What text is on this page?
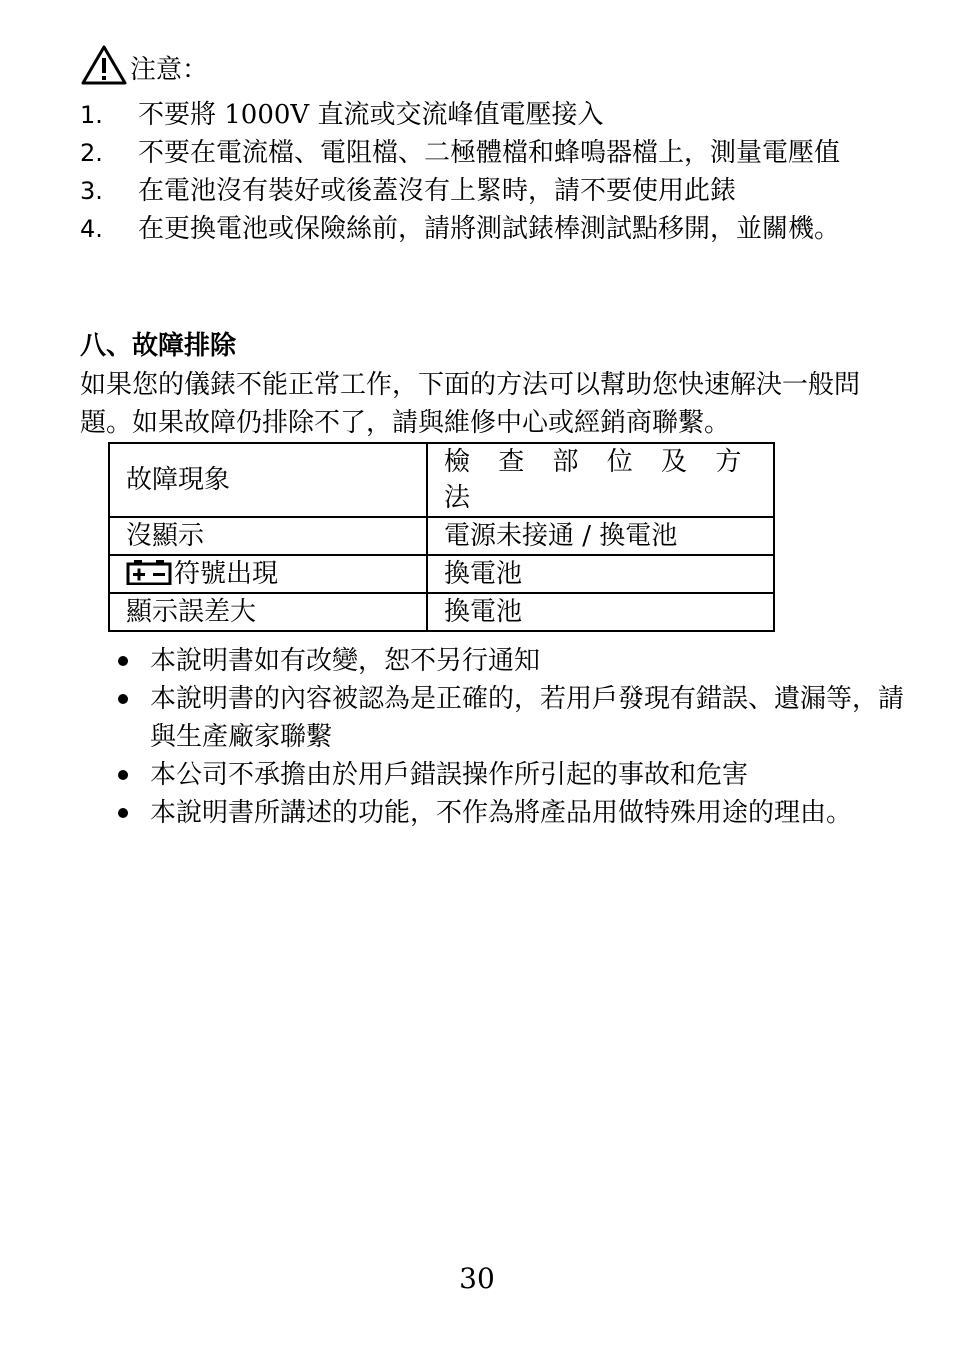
注意：
1. 不要將 1000V 直流或交流峰值電壓接入
2. 不要在電流檔、電阻檔、二極體檔和蜂鳴器檔上，測量電壓值
3. 在電池沒有裝好或後蓋沒有上緊時，請不要使用此錶
4. 在更換電池或保險絲前，請將測試錶棒測試點移開，並關機。
八、故障排除
如果您的儀錶不能正常工作，下面的方法可以幫助您快速解決一般問題。如果故障仍排除不了，請與維修中心或經銷商聯繫。
故障現象	檢 查 部 位 及 方 法
沒顯示	電源未接通 / 換電池
符號出現	換電池
顯示誤差大	換電池
本說明書如有改變，恕不另行通知
本說明書的內容被認為是正確的，若用戶發現有錯誤、遺漏等，請與生產廠家聯繫
本公司不承擔由於用戶錯誤操作所引起的事故和危害
本說明書所講述的功能，不作為將產品用做特殊用途的理由。
30
